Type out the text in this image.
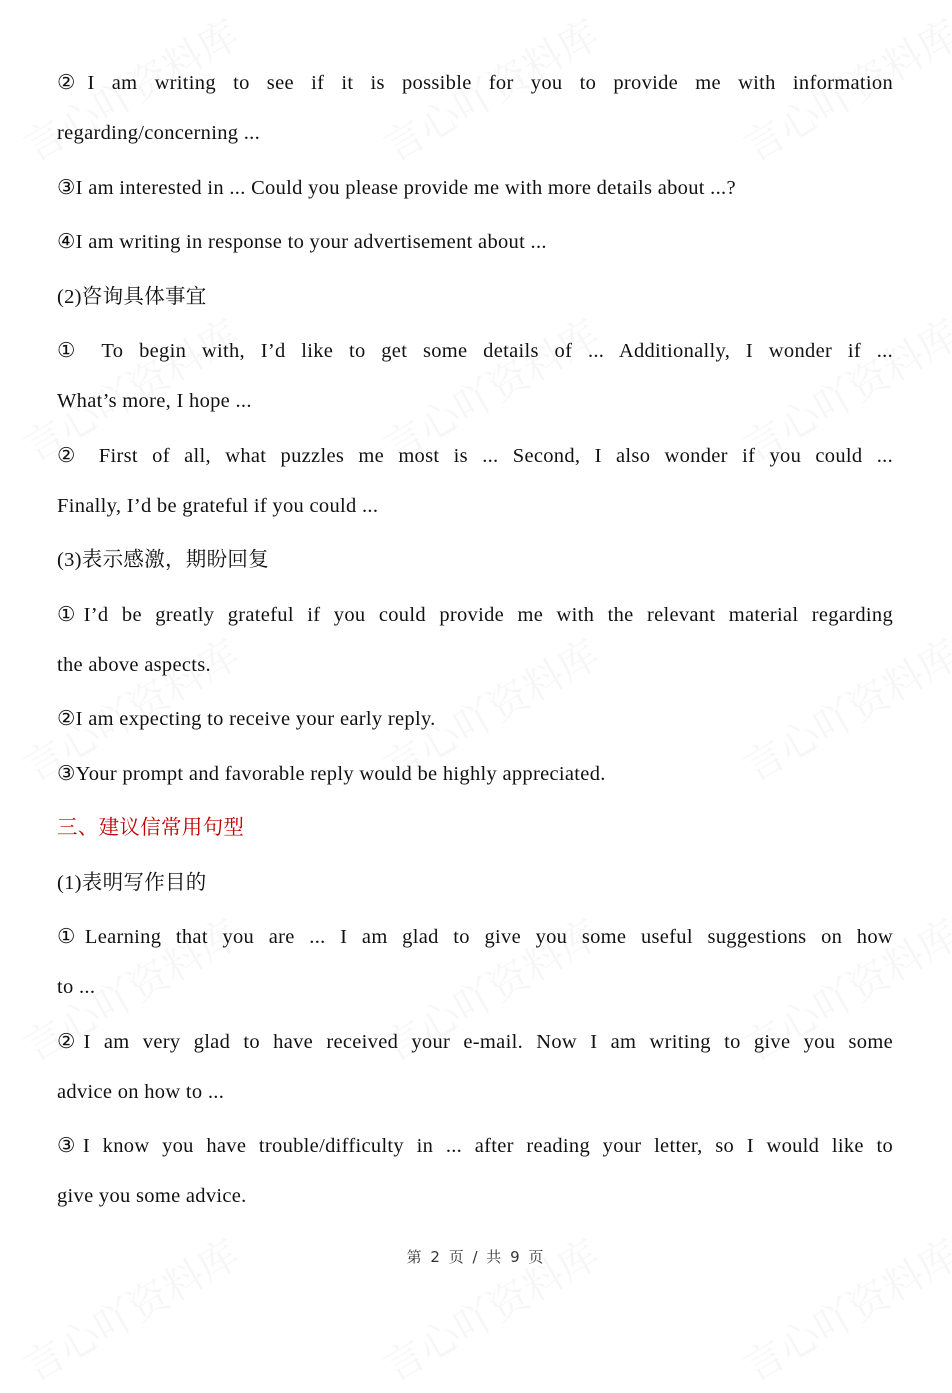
②I am writing to see if it is possible for you to provide me with information
regarding/concerning ...
③I am interested in ... Could you please provide me with more details about ...?
④I am writing in response to your advertisement about ...
(2)咨询具体事宜
① To begin with, I’d like to get some details of ... Additionally, I wonder if ...
What’s more, I hope ...
② First of all, what puzzles me most is ... Second, I also wonder if you could ...
Finally, I’d be grateful if you could ...
(3)表示感激，期盼回复
①I’d be greatly grateful if you could provide me with the relevant material regarding
the above aspects.
②I am expecting to receive your early reply.
③Your prompt and favorable reply would be highly appreciated.
三、建议信常用句型
(1)表明写作目的
①Learning that you are ... I am glad to give you some useful suggestions on how
to ...
②I am very glad to have received your e-mail. Now I am writing to give you some
advice on how to ...
③I know you have trouble/difficulty in ... after reading your letter, so I would like to
give you some advice.
第 2 页 / 共 9 页
